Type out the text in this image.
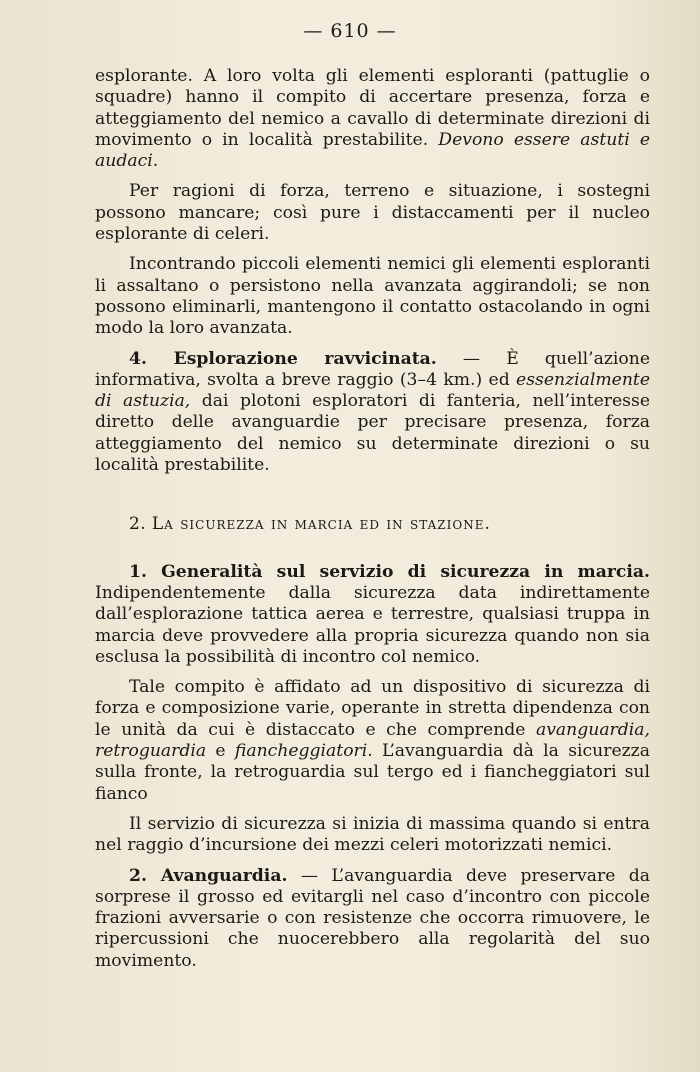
— 610 —

esplorante. A loro volta gli elementi esploranti (pattuglie o squadre) hanno il compito di accertare presenza, forza e atteggiamento del nemico a cavallo di determinate direzioni di movimento o in località prestabilite. Devono essere astuti e audaci.

Per ragioni di forza, terreno e situazione, i sostegni possono mancare; così pure i distaccamenti per il nucleo esplorante di celeri.

Incontrando piccoli elementi nemici gli elementi esploranti li assaltano o persistono nella avanzata aggirandoli; se non possono eliminarli, mantengono il contatto ostacolando in ogni modo la loro avanzata.

4. Esplorazione ravvicinata. — È quell’azione informativa, svolta a breve raggio (3–4 km.) ed essenzialmente di astuzia, dai plotoni esploratori di fanteria, nell’interesse diretto delle avanguardie per precisare presenza, forza atteggiamento del nemico su determinate direzioni o su località prestabilite.

2. La sicurezza in marcia ed in stazione.

1. Generalità sul servizio di sicurezza in marcia. Indipendentemente dalla sicurezza data indirettamente dall’esplorazione tattica aerea e terrestre, qualsiasi truppa in marcia deve provvedere alla propria sicurezza quando non sia esclusa la possibilità di incontro col nemico.

Tale compito è affidato ad un dispositivo di sicurezza di forza e composizione varie, operante in stretta dipendenza con le unità da cui è distaccato e che comprende avanguardia, retroguardia e fiancheggiatori. L’avanguardia dà la sicurezza sulla fronte, la retroguardia sul tergo ed i fiancheggiatori sul fianco

Il servizio di sicurezza si inizia di massima quando si entra nel raggio d’incursione dei mezzi celeri motorizzati nemici.

2. Avanguardia. — L’avanguardia deve preservare da sorprese il grosso ed evitargli nel caso d’incontro con piccole frazioni avversarie o con resistenze che occorra rimuovere, le ripercussioni che nuocerebbero alla regolarità del suo movimento.
